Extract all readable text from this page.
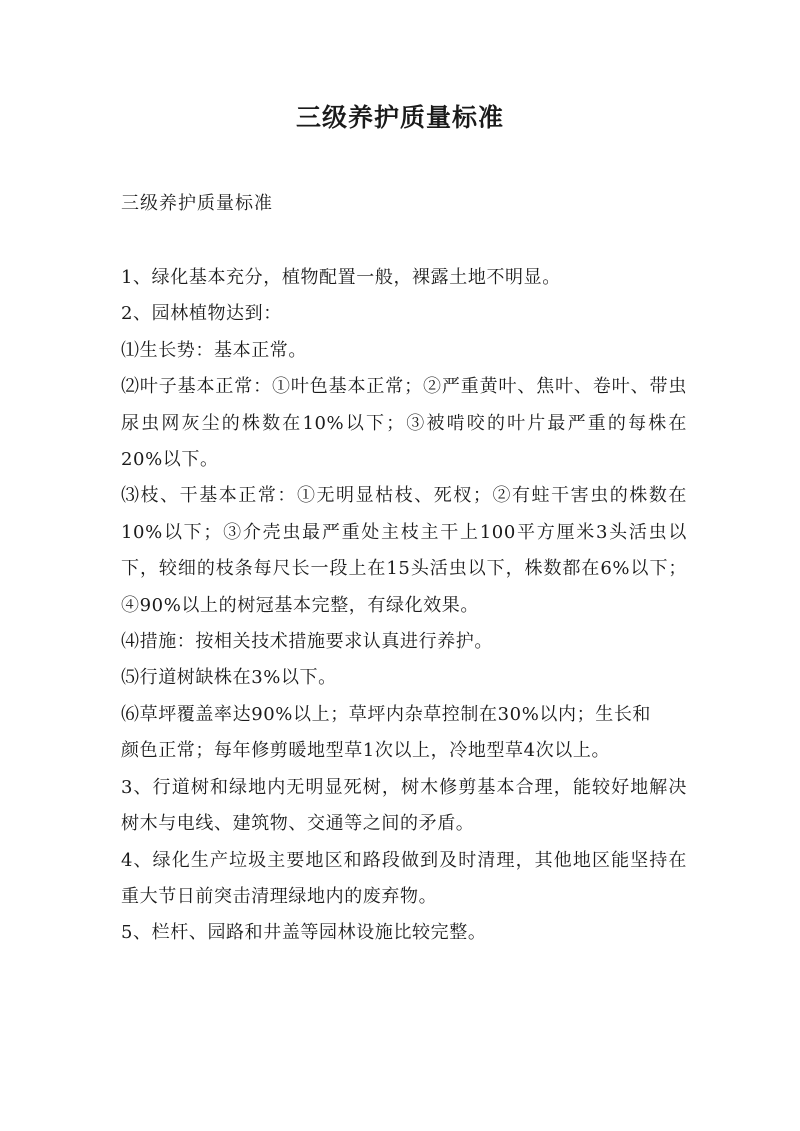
三级养护质量标准
三级养护质量标准

1、绿化基本充分，植物配置一般，裸露土地不明显。

2、园林植物达到：

⑴生长势：基本正常。

⑵叶子基本正常：①叶色基本正常；②严重黄叶、焦叶、卷叶、带虫尿虫网灰尘的株数在10%以下；③被啃咬的叶片最严重的每株在20%以下。

⑶枝、干基本正常：①无明显枯枝、死杈；②有蛀干害虫的株数在10%以下；③介壳虫最严重处主枝主干上100平方厘米3头活虫以下，较细的枝条每尺长一段上在15头活虫以下，株数都在6%以下；④90%以上的树冠基本完整，有绿化效果。

⑷措施：按相关技术措施要求认真进行养护。

⑸行道树缺株在3%以下。

⑹草坪覆盖率达90%以上；草坪内杂草控制在30%以内；生长和

颜色正常；每年修剪暖地型草1次以上，冷地型草4次以上。

3、行道树和绿地内无明显死树，树木修剪基本合理，能较好地解决树木与电线、建筑物、交通等之间的矛盾。

4、绿化生产垃圾主要地区和路段做到及时清理，其他地区能坚持在重大节日前突击清理绿地内的废弃物。

5、栏杆、园路和井盖等园林设施比较完整。
